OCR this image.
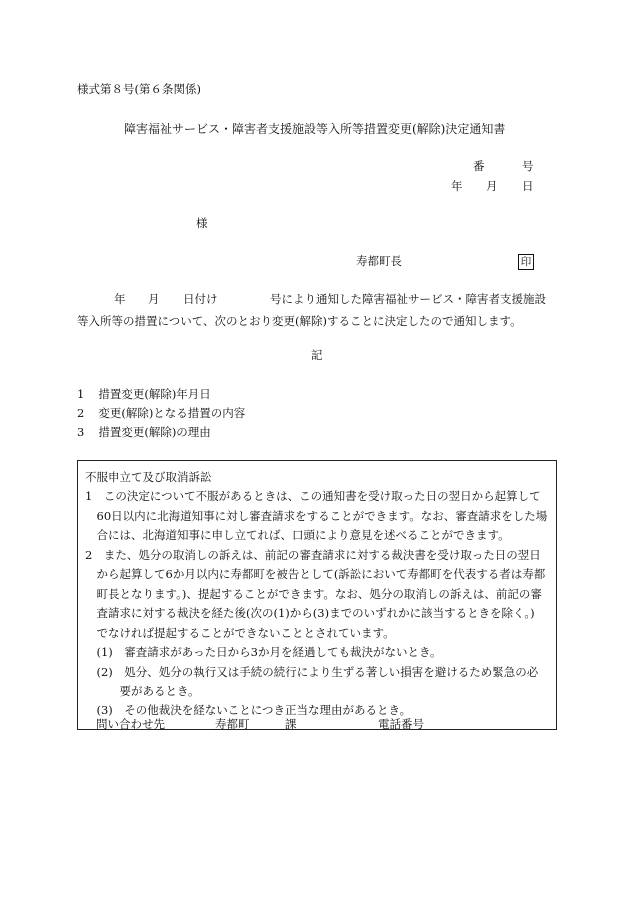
様式第８号(第６条関係)
障害福祉サービス・障害者支援施設等入所等措置変更(解除)決定通知書
番	号
年 月 日
様
寿都町長	印
年 月 日付け	号により通知した障害福祉サービス・障害者支援施設
等入所等の措置について、次のとおり変更(解除)することに決定したので通知します。
記
1 措置変更(解除)年月日
2 変更(解除)となる措置の内容
3 措置変更(解除)の理由
不服申立て及び取消訴訟
1　この決定について不服があるときは、この通知書を受け取った日の翌日から起算して
　60日以内に北海道知事に対し審査請求をすることができます。なお、審査請求をした場
　合には、北海道知事に申し立てれば、口頭により意見を述べることができます。
2　また、処分の取消しの訴えは、前記の審査請求に対する裁決書を受け取った日の翌日
　から起算して6か月以内に寿都町を被告として(訴訟において寿都町を代表する者は寿都
　町長となります。)、提起することができます。なお、処分の取消しの訴えは、前記の審
　査請求に対する裁決を経た後(次の(1)から(3)までのいずれかに該当するときを除く。)
　でなければ提起することができないこととされています。
　(1)　審査請求があった日から3か月を経過しても裁決がないとき。
　(2)　処分、処分の執行又は手続の続行により生ずる著しい損害を避けるため緊急の必
　　　要があるとき。
　(3)　その他裁決を経ないことにつき正当な理由があるとき。
問い合わせ先	寿都町	課	電話番号
